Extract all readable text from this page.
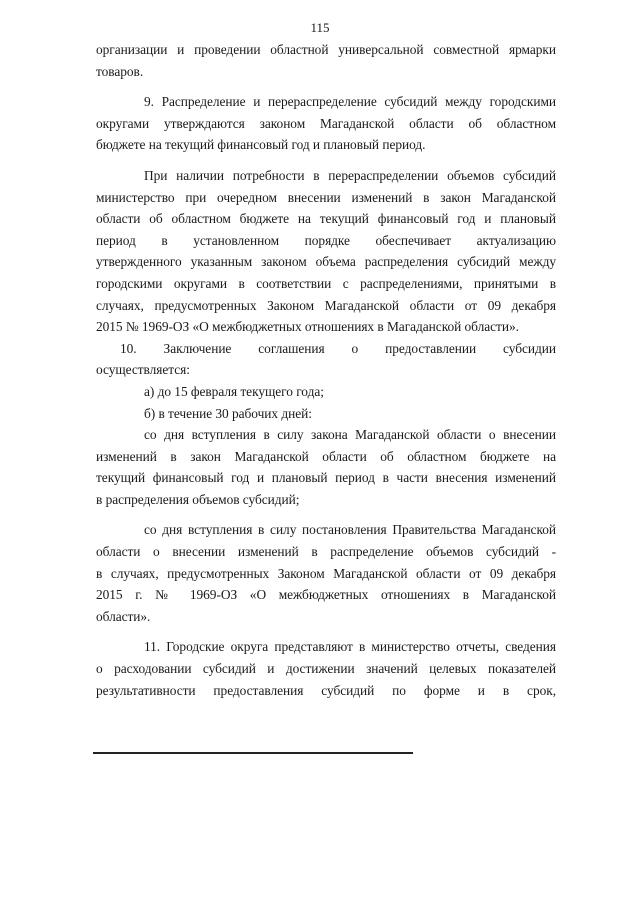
115

организации и проведении областной универсальной совместной ярмарки

товаров.

9. Распределение и перераспределение субсидий между городскими

округами утверждаются законом Магаданской области об областном

бюджете на текущий финансовый год и плановый период.

При наличии потребности в перераспределении объемов субсидий

министерство при очередном внесении изменений в закон Магаданской

области об областном бюджете на текущий финансовый год и плановый

период в установленном порядке обеспечивает актуализацию

утвержденного указанным законом объема распределения субсидий между

городскими округами в соответствии с распределениями, принятыми в

случаях, предусмотренных Законом Магаданской области от 09 декабря

2015 № 1969-ОЗ «О межбюджетных отношениях в Магаданской области».

10. Заключение соглашения о предоставлении субсидии

осуществляется:

а) до 15 февраля текущего года;

б) в течение 30 рабочих дней:

со дня вступления в силу закона Магаданской области о внесении

изменений в закон Магаданской области об областном бюджете на

текущий финансовый год и плановый период в части внесения изменений

в распределения объемов субсидий;

со дня вступления в силу постановления Правительства Магаданской

области о внесении изменений в распределение объемов субсидий -

в случаях, предусмотренных Законом Магаданской области от 09 декабря

2015 г. № 1969-ОЗ «О межбюджетных отношениях в Магаданской

области».

11. Городские округа представляют в министерство отчеты, сведения

о расходовании субсидий и достижении значений целевых показателей

результативности предоставления субсидий по форме и в срок,
